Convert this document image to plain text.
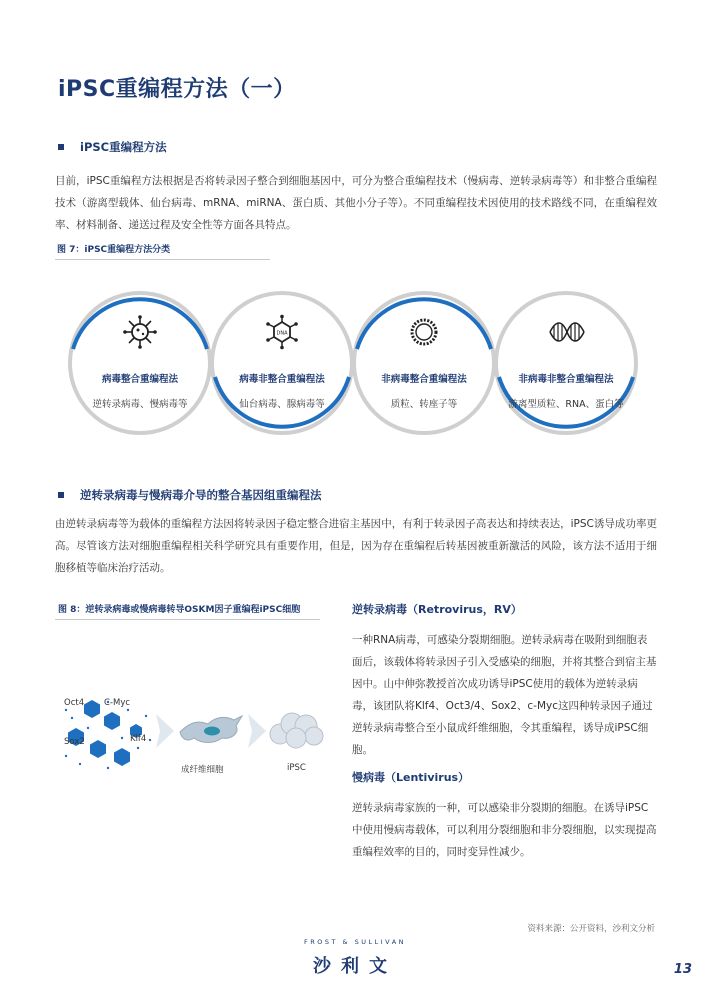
iPSC重编程方法（一）
iPSC重编程方法
目前，iPSC重编程方法根据是否将转录因子整合到细胞基因中，可分为整合重编程技术（慢病毒、逆转录病毒等）和非整合重编程技术（游离型载体、仙台病毒、mRNA、miRNA、蛋白质、其他小分子等）。不同重编程技术因使用的技术路线不同，在重编程效率、材料制备、递送过程及安全性等方面各具特点。
图 7：iPSC重编程方法分类
DNA
病毒整合重编程法
逆转录病毒、慢病毒等
病毒非整合重编程法
仙台病毒、腺病毒等
非病毒整合重编程法
质粒、转座子等
非病毒非整合重编程法
游离型质粒、RNA、蛋白等
逆转录病毒与慢病毒介导的整合基因组重编程法
由逆转录病毒等为载体的重编程方法因将转录因子稳定整合进宿主基因中，有利于转录因子高表达和持续表达，iPSC诱导成功率更高。尽管该方法对细胞重编程相关科学研究具有重要作用，但是，因为存在重编程后转基因被重新激活的风险，该方法不适用于细胞移植等临床治疗活动。
图 8：逆转录病毒或慢病毒转导OSKM因子重编程iPSC细胞
Oct4 C-Myc
Sox2	Klf4
成纤维细胞	iPSC
逆转录病毒（Retrovirus，RV）
一种RNA病毒，可感染分裂期细胞。逆转录病毒在吸附到细胞表面后，该载体将转录因子引入受感染的细胞，并将其整合到宿主基因中。山中伸弥教授首次成功诱导iPSC使用的载体为逆转录病毒，该团队将Klf4、Oct3/4、Sox2、c-Myc这四种转录因子通过逆转录病毒整合至小鼠成纤维细胞，令其重编程，诱导成iPSC细胞。
慢病毒（Lentivirus）
逆转录病毒家族的一种，可以感染非分裂期的细胞。在诱导iPSC中使用慢病毒载体，可以利用分裂细胞和非分裂细胞，以实现提高重编程效率的目的，同时变异性减少。
资料来源：公开资料，沙利文分析
FROST & SULLIVAN
沙利文	13
